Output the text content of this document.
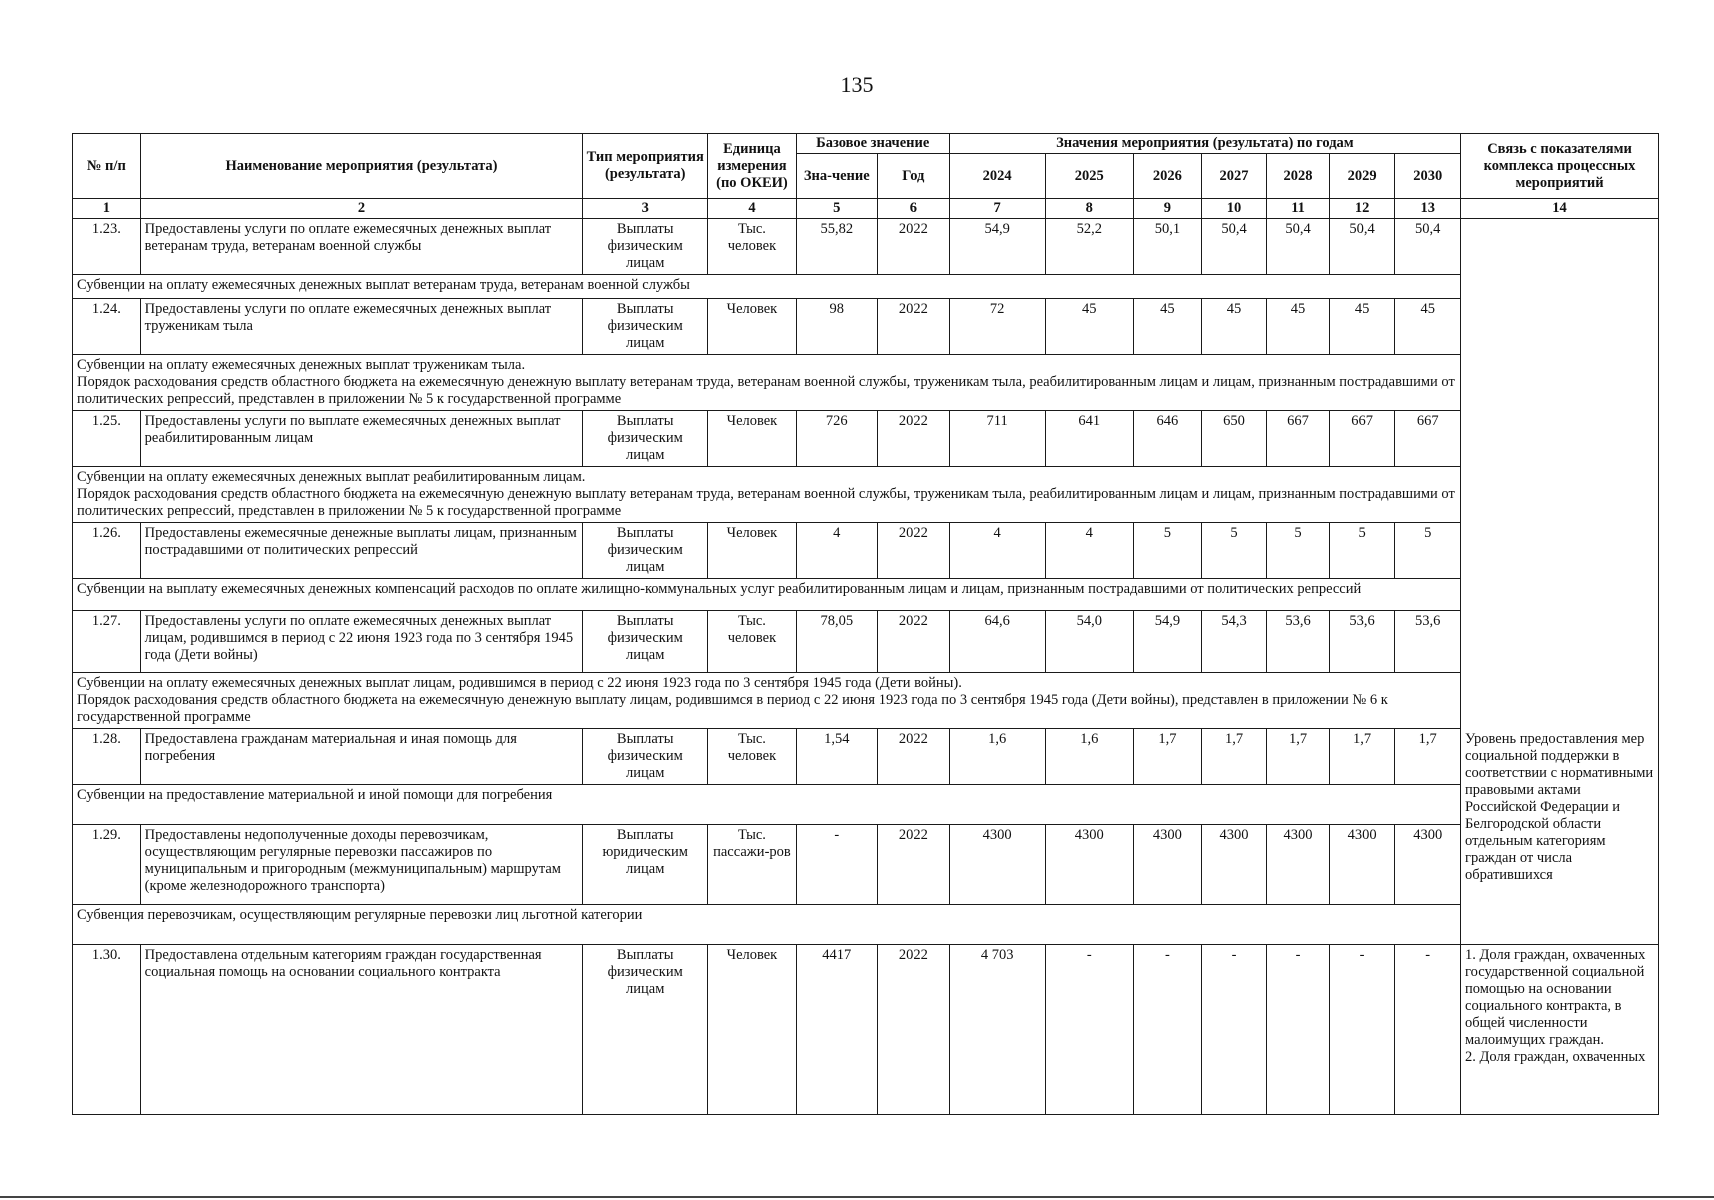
135
№ п/п	Наименование мероприятия (результата)	Тип мероприятия (результата)	Единица измерения (по ОКЕИ)	Базовое значение		Значения мероприятия (результата) по годам							Связь с показателями комплекса процессных мероприятий
				Зна-чение	Год	2024	2025	2026	2027	2028	2029	2030	
1	2	3	4	5	6	7	8	9	10	11	12	13	14
1.23.	Предоставлены услуги по оплате ежемесячных денежных выплат ветеранам труда, ветеранам военной службы	Выплаты физическим лицам	Тыс. человек	55,82	2022	54,9	52,2	50,1	50,4	50,4	50,4	50,4	
Субвенции на оплату ежемесячных денежных выплат ветеранам труда, ветеранам военной службы													
1.24.	Предоставлены услуги по оплате ежемесячных денежных выплат труженикам тыла	Выплаты физическим лицам	Человек	98	2022	72	45	45	45	45	45	45	
Субвенции на оплату ежемесячных денежных выплат труженикам тыла.
Порядок расходования средств областного бюджета на ежемесячную денежную выплату ветеранам труда, ветеранам военной службы, труженикам тыла, реабилитированным лицам и лицам, признанным пострадавшими от политических репрессий, представлен в приложении № 5 к государственной программе													
1.25.	Предоставлены услуги по выплате ежемесячных денежных выплат реабилитированным лицам	Выплаты физическим лицам	Человек	726	2022	711	641	646	650	667	667	667	
Субвенции на оплату ежемесячных денежных выплат реабилитированным лицам.
Порядок расходования средств областного бюджета на ежемесячную денежную выплату ветеранам труда, ветеранам военной службы, труженикам тыла, реабилитированным лицам и лицам, признанным пострадавшими от политических репрессий, представлен в приложении № 5 к государственной программе													
1.26.	Предоставлены ежемесячные денежные выплаты лицам, признанным пострадавшими от политических репрессий	Выплаты физическим лицам	Человек	4	2022	4	4	5	5	5	5	5	
Субвенции на выплату ежемесячных денежных компенсаций расходов по оплате жилищно-коммунальных услуг реабилитированным лицам и лицам, признанным пострадавшими от политических репрессий													
1.27.	Предоставлены услуги по оплате ежемесячных денежных выплат лицам, родившимся в период с 22 июня 1923 года по 3 сентября 1945 года (Дети войны)	Выплаты физическим лицам	Тыс. человек	78,05	2022	64,6	54,0	54,9	54,3	53,6	53,6	53,6	
Субвенции на оплату ежемесячных денежных выплат лицам, родившимся в период с 22 июня 1923 года по 3 сентября 1945 года (Дети войны).
Порядок расходования средств областного бюджета на ежемесячную денежную выплату лицам, родившимся в период с 22 июня 1923 года по 3 сентября 1945 года (Дети войны), представлен в приложении № 6 к государственной программе													
1.28.	Предоставлена гражданам материальная и иная помощь для погребения	Выплаты физическим лицам	Тыс. человек	1,54	2022	1,6	1,6	1,7	1,7	1,7	1,7	1,7	Уровень предоставления мер социальной поддержки в соответствии с нормативными правовыми актами Российской Федерации и Белгородской области отдельным категориям граждан от числа обратившихся
Субвенции на предоставление материальной и иной помощи для погребения													
1.29.	Предоставлены недополученные доходы перевозчикам, осуществляющим регулярные перевозки пассажиров по муниципальным и пригородным (межмуниципальным) маршрутам (кроме железнодорожного транспорта)	Выплаты юридическим лицам	Тыс. пассажи-ров	-	2022	4300	4300	4300	4300	4300	4300	4300	
Субвенция перевозчикам, осуществляющим регулярные перевозки лиц льготной категории													
1.30.	Предоставлена отдельным категориям граждан государственная социальная помощь на основании социального контракта	Выплаты физическим лицам	Человек	4417	2022	4 703	-	-	-	-	-	-	1. Доля граждан, охваченных государственной социальной помощью на основании социального контракта, в общей численности малоимущих граждан.
2. Доля граждан, охваченных
